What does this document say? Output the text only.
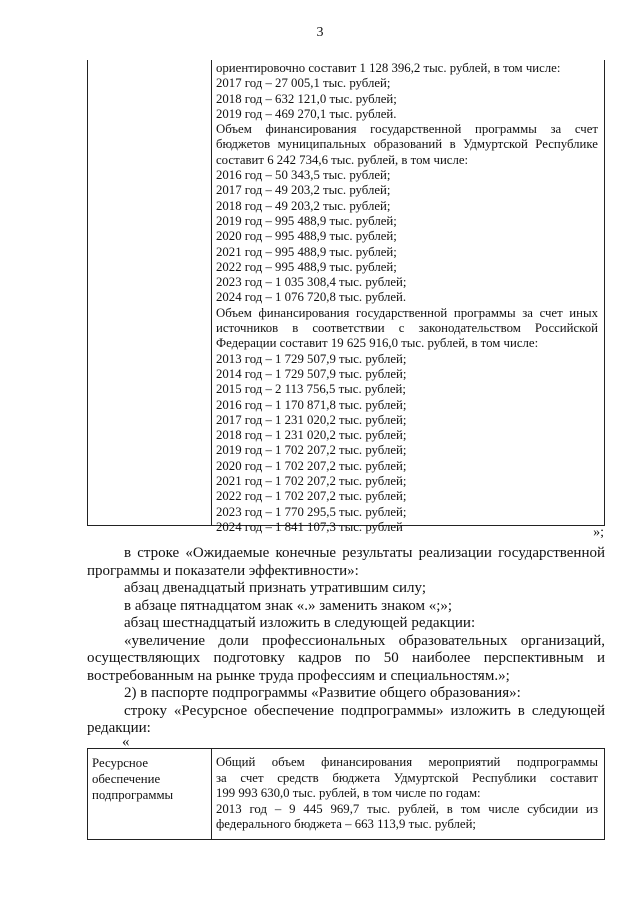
3

ориентировочно составит 1 128 396,2 тыс. рублей, в том числе:

2017 год – 27 005,1 тыс. рублей;

2018 год – 632 121,0 тыс. рублей;

2019 год – 469 270,1 тыс. рублей.

Объем финансирования государственной программы за счет

бюджетов муниципальных образований в Удмуртской Республике

составит 6 242 734,6 тыс. рублей, в том числе:

2016 год – 50 343,5 тыс. рублей;

2017 год – 49 203,2 тыс. рублей;

2018 год – 49 203,2 тыс. рублей;

2019 год – 995 488,9 тыс. рублей;

2020 год – 995 488,9 тыс. рублей;

2021 год – 995 488,9 тыс. рублей;

2022 год – 995 488,9 тыс. рублей;

2023 год – 1 035 308,4 тыс. рублей;

2024 год – 1 076 720,8 тыс. рублей.

Объем финансирования государственной программы за счет иных

источников в соответствии с законодательством Российской

Федерации составит 19 625 916,0 тыс. рублей, в том числе:

2013 год – 1 729 507,9 тыс. рублей;

2014 год – 1 729 507,9 тыс. рублей;

2015 год – 2 113 756,5 тыс. рублей;

2016 год – 1 170 871,8 тыс. рублей;

2017 год – 1 231 020,2 тыс. рублей;

2018 год – 1 231 020,2 тыс. рублей;

2019 год – 1 702 207,2 тыс. рублей;

2020 год – 1 702 207,2 тыс. рублей;

2021 год – 1 702 207,2 тыс. рублей;

2022 год – 1 702 207,2 тыс. рублей;

2023 год – 1 770 295,5 тыс. рублей;

2024 год – 1 841 107,3 тыс. рублей	»;

в строке «Ожидаемые конечные результаты реализации государственной программы и показатели эффективности»:

абзац двенадцатый признать утратившим силу;

в абзаце пятнадцатом знак «.» заменить знаком «;»;

абзац шестнадцатый изложить в следующей редакции:

«увеличение доли профессиональных образовательных организаций, осуществляющих подготовку кадров по 50 наиболее перспективным и востребованным на рынке труда профессиям и специальностям.»;

2) в паспорте подпрограммы «Развитие общего образования»:

строку «Ресурсное обеспечение подпрограммы» изложить в следующей редакции:

«
Ресурсное
обеспечение
подпрограммы

Общий объем финансирования мероприятий подпрограммы

за счет средств бюджета Удмуртской Республики составит

199 993 630,0 тыс. рублей, в том числе по годам:

2013 год – 9 445 969,7 тыс. рублей, в том числе субсидии из

федерального бюджета – 663 113,9 тыс. рублей;
